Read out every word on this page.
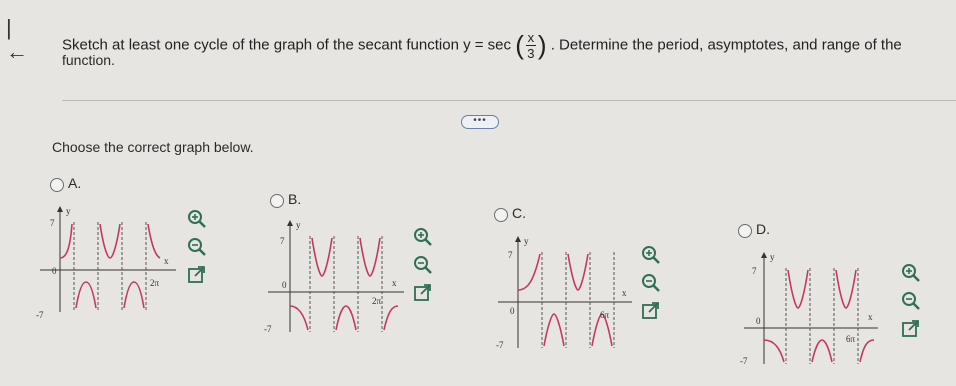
|← Sketch at least one cycle of the graph of the secant function y = sec ( $\frac{x}{3}$ ) . Determine the period, asymptotes, and range of the
function.
•••
Choose the correct graph below.
A.
7
-7
0
y
x
2π
B.
7
-7
0
y
x
2π
C.
7
-7
0
y
x
6π
D.
7
-7
0
y
x
6π
